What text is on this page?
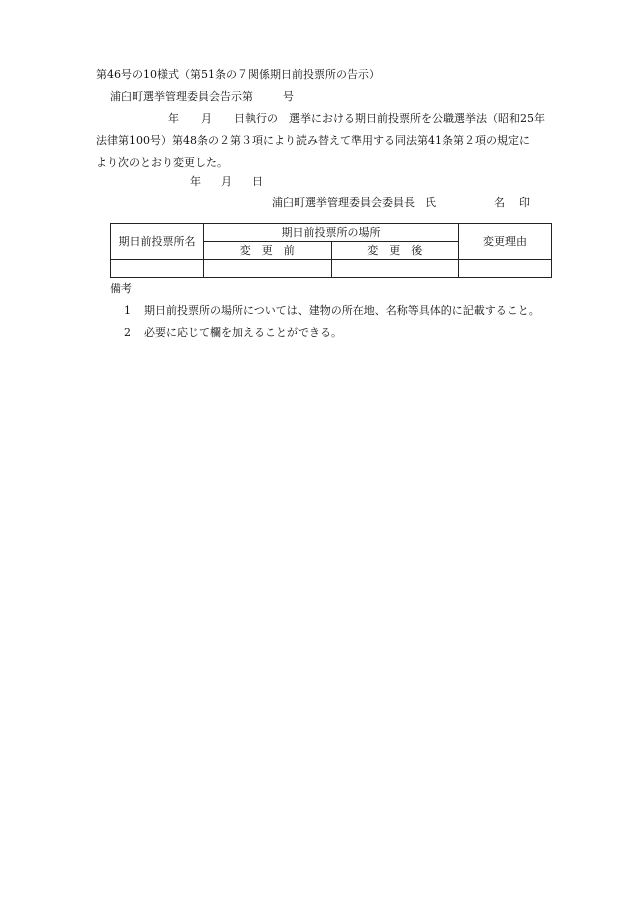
第46号の10様式（第51条の７関係期日前投票所の告示）
浦臼町選挙管理委員会告示第	号
年　　月　　日執行の　選挙における期日前投票所を公職選挙法（昭和25年
法律第100号）第48条の２第３項により読み替えて準用する同法第41条第２項の規定に
より次のとおり変更した。
年 月 日
浦臼町選挙管理委員会委員長 氏	名 印
期日前投票所名	期日前投票所の場所		変更理由
	変　更　前	変　更　後	

備考
1 期日前投票所の場所については、建物の所在地、名称等具体的に記載すること。
2 必要に応じて欄を加えることができる。
